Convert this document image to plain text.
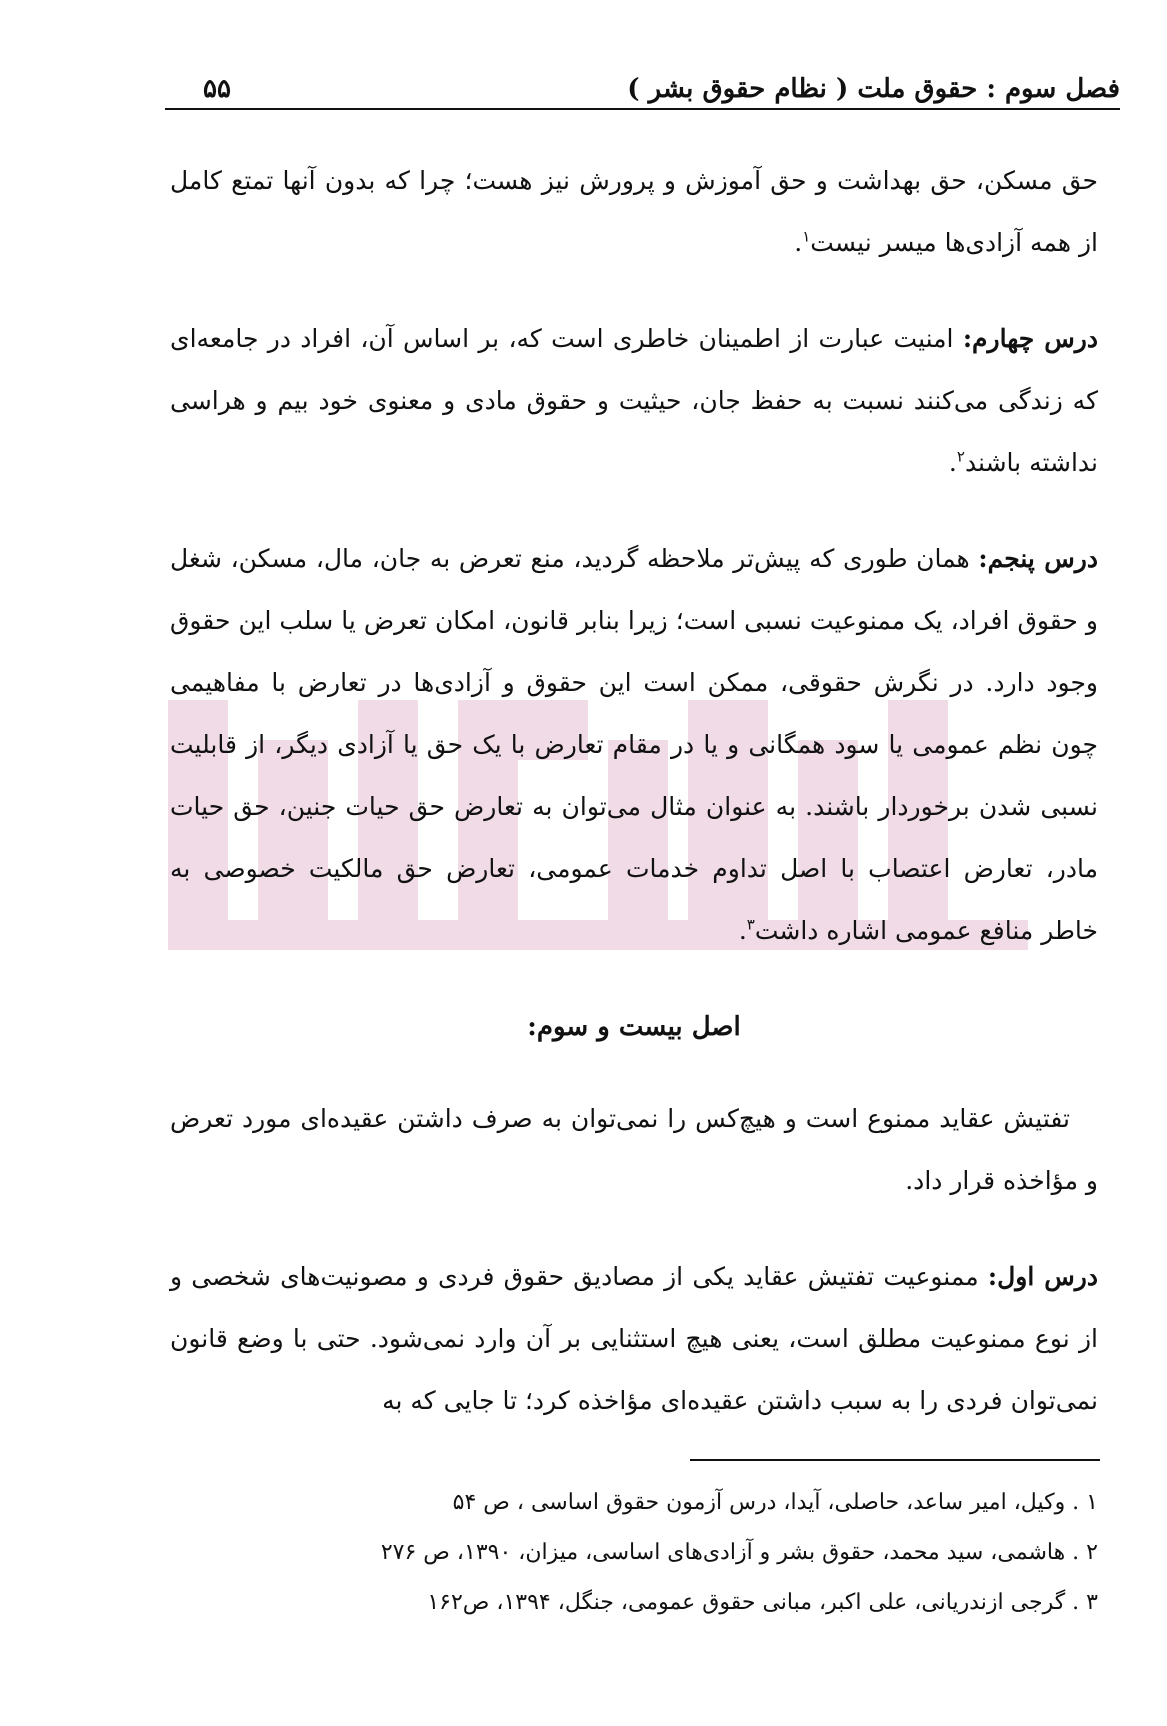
فصل سوم : حقوق ملت ( نظام حقوق بشر )
۵۵

حق مسکن، حق بهداشت و حق آموزش و پرورش نیز هست؛ چرا که بدون آنها تمتع کامل از همه آزادی‌ها میسر نیست$^۱$.

درس چهارم: امنیت عبارت از اطمینان خاطری است که، بر اساس آن، افراد در جامعه‌ای که زندگی می‌کنند نسبت به حفظ جان، حیثیت و حقوق مادی و معنوی خود بیم و هراسی نداشته باشند$^۲$.

درس پنجم: همان طوری که پیش‌تر ملاحظه گردید، منع تعرض به جان، مال، مسکن، شغل و حقوق افراد، یک ممنوعیت نسبی است؛ زیرا بنابر قانون، امکان تعرض یا سلب این حقوق وجود دارد. در نگرش حقوقی، ممکن است این حقوق و آزادی‌ها در تعارض با مفاهیمی چون نظم عمومی یا سود همگانی و یا در مقام تعارض با یک حق یا آزادی دیگر، از قابلیت نسبی شدن برخوردار باشند. به عنوان مثال می‌توان به تعارض حق حیات جنین، حق حیات مادر، تعارض اعتصاب با اصل تداوم خدمات عمومی، تعارض حق مالکیت خصوصی به خاطر منافع عمومی اشاره داشت$^۳$.

اصل بیست و سوم:

تفتیش عقاید ممنوع است و هیچ‌کس را نمی‌توان به صرف داشتن عقیده‌ای مورد تعرض و مؤاخذه قرار داد.

درس اول: ممنوعیت تفتیش عقاید یکی از مصادیق حقوق فردی و مصونیت‌های شخصی و از نوع ممنوعیت مطلق است، یعنی هیچ استثنایی بر آن وارد نمی‌شود. حتی با وضع قانون نمی‌توان فردی را به سبب داشتن عقیده‌ای مؤاخذه کرد؛ تا جایی که به

۱ . وکیل، امیر ساعد، حاصلی، آیدا، درس آزمون حقوق اساسی ، ص ۵۴

۲ . هاشمی، سید محمد، حقوق بشر و آزادی‌های اساسی، میزان، ۱۳۹۰، ص ۲۷۶

۳ . گرجی ازندریانی، علی اکبر، مبانی حقوق عمومی، جنگل، ۱۳۹۴، ص۱۶۲
